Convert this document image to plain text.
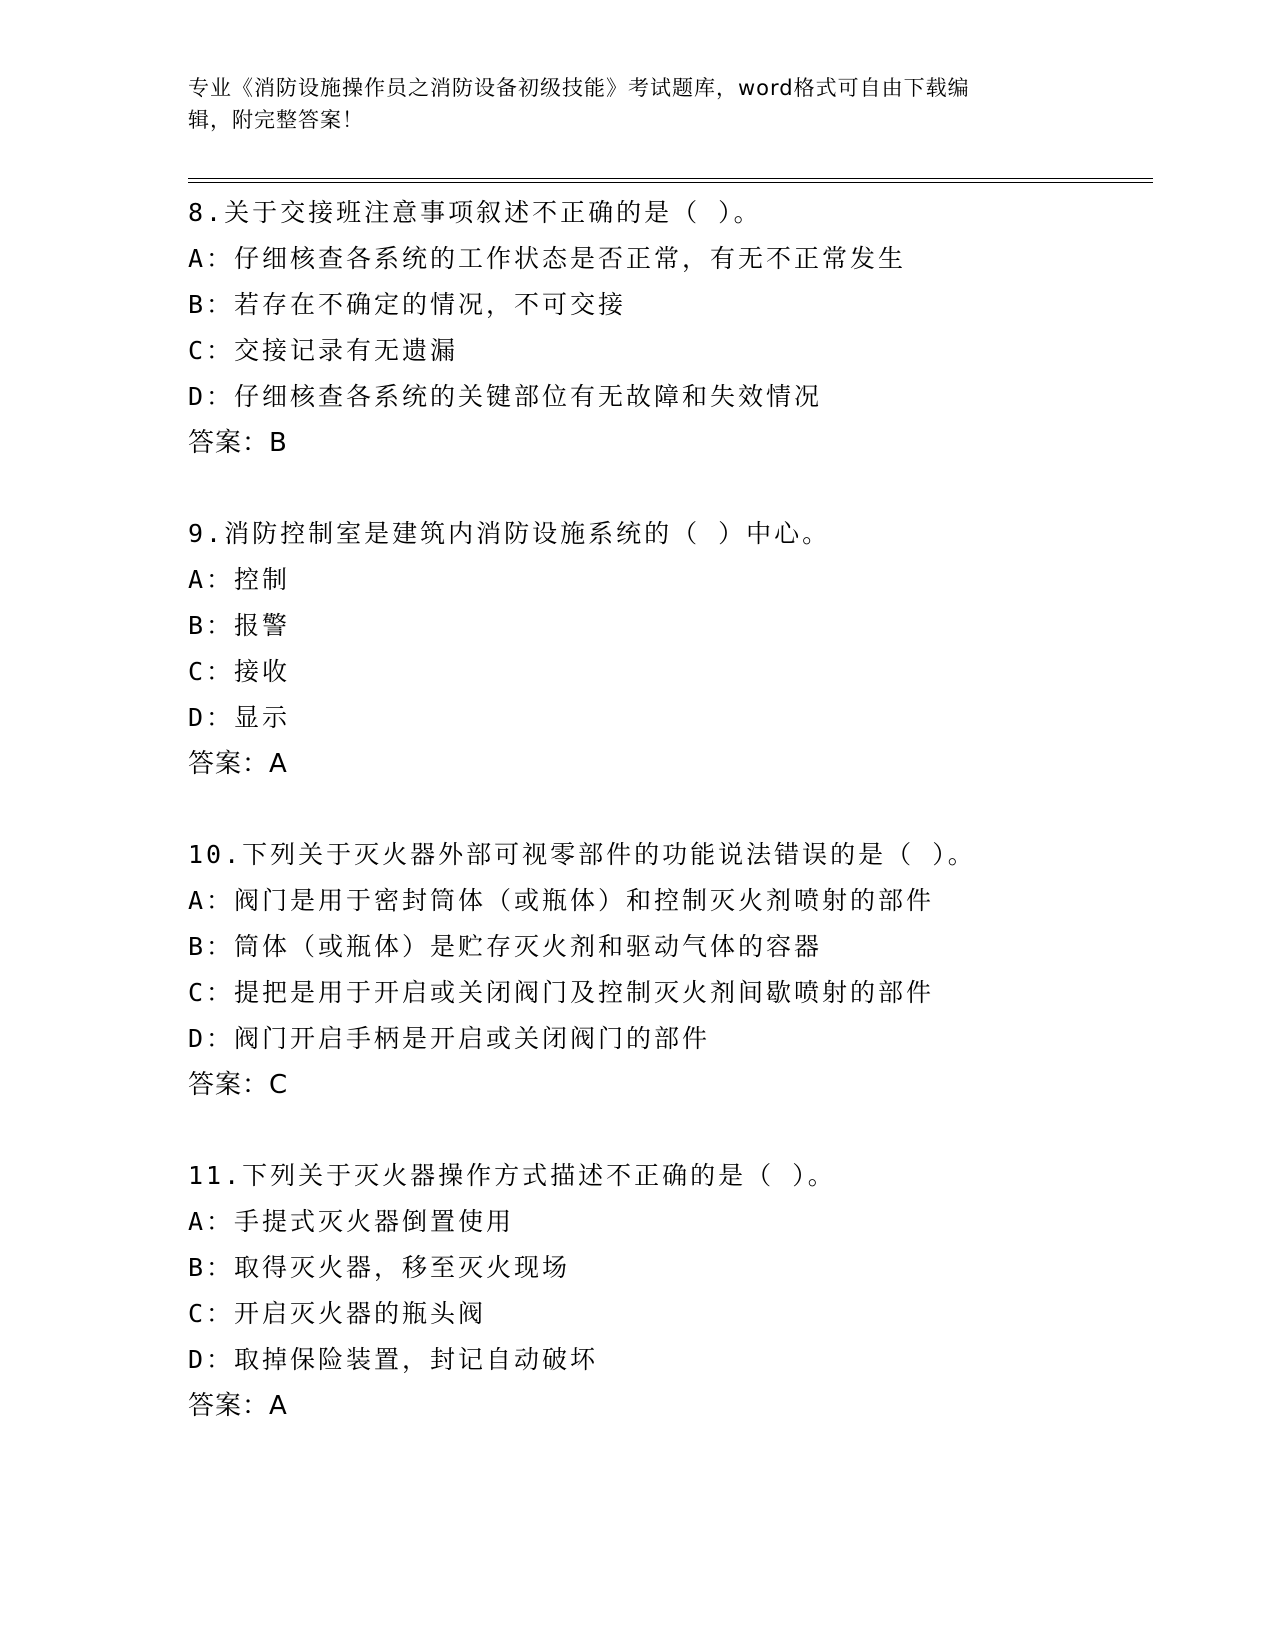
专业《消防设施操作员之消防设备初级技能》考试题库，word格式可自由下载编
辑，附完整答案！
8.关于交接班注意事项叙述不正确的是（ ）。
A：仔细核查各系统的工作状态是否正常，有无不正常发生
B：若存在不确定的情况，不可交接
C：交接记录有无遗漏
D：仔细核查各系统的关键部位有无故障和失效情况
答案：B
9.消防控制室是建筑内消防设施系统的（ ）中心。
A：控制
B：报警
C：接收
D：显示
答案：A
10.下列关于灭火器外部可视零部件的功能说法错误的是（ ）。
A：阀门是用于密封筒体（或瓶体）和控制灭火剂喷射的部件
B：筒体（或瓶体）是贮存灭火剂和驱动气体的容器
C：提把是用于开启或关闭阀门及控制灭火剂间歇喷射的部件
D：阀门开启手柄是开启或关闭阀门的部件
答案：C
11.下列关于灭火器操作方式描述不正确的是（ ）。
A：手提式灭火器倒置使用
B：取得灭火器，移至灭火现场
C：开启灭火器的瓶头阀
D：取掉保险装置，封记自动破坏
答案：A
